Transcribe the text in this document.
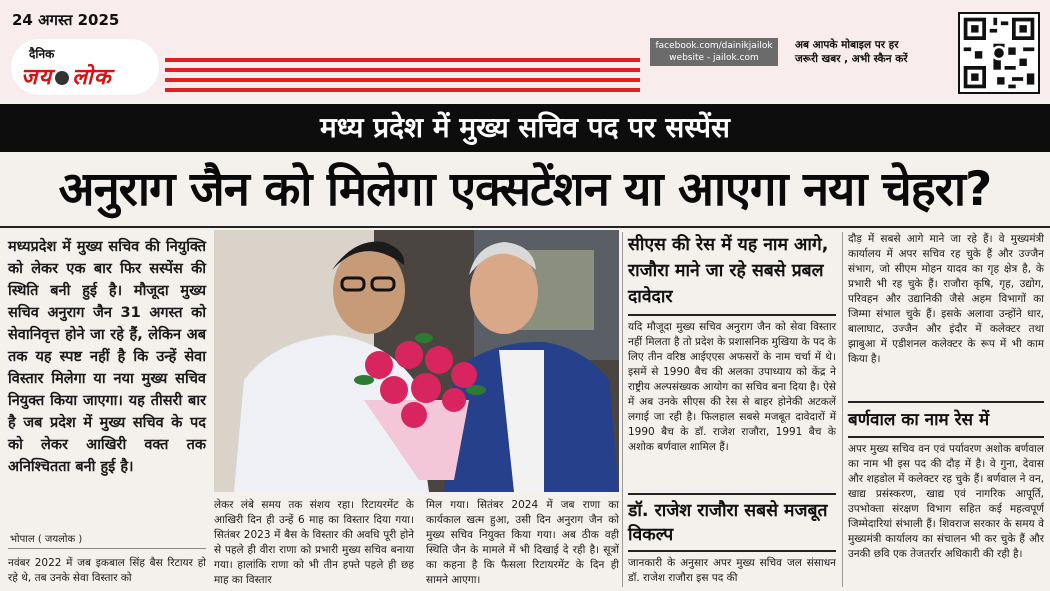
24 अगस्त 2025
दैनिक
जय लोक
facebook.com/dainikjailok
website - jailok.com
अब आपके मोबाइल पर हर
जरूरी खबर , अभी स्कैन करें
मध्य प्रदेश में मुख्य सचिव पद पर सस्पेंस
अनुराग जैन को मिलेगा एक्सटेंशन या आएगा नया चेहरा?
मध्यप्रदेश में मुख्य सचिव की नियुक्ति को लेकर एक बार फिर सस्पेंस की स्थिति बनी हुई है। मौजूदा मुख्य सचिव अनुराग जैन 31 अगस्त को सेवानिवृत्त होने जा रहे हैं, लेकिन अब तक यह स्पष्ट नहीं है कि उन्हें सेवा विस्तार मिलेगा या नया मुख्य सचिव नियुक्त किया जाएगा। यह तीसरी बार है जब प्रदेश में मुख्य सचिव के पद को लेकर आखिरी वक्त तक अनिश्चितता बनी हुई है।
भोपाल ( जयलोक )
नवंबर 2022 में जब इकबाल सिंह बैस रिटायर हो रहे थे, तब उनके सेवा विस्तार को
लेकर लंबे समय तक संशय रहा। रिटायरमेंट के आखिरी दिन ही उन्हें 6 माह का विस्तार दिया गया। सितंबर 2023 में बैस के विस्तार की अवधि पूरी होने से पहले ही वीरा राणा को प्रभारी मुख्य सचिव बनाया गया। हालांकि राणा को भी तीन हफ्ते पहले ही छह माह का विस्तार
मिल गया। सितंबर 2024 में जब राणा का कार्यकाल खत्म हुआ, उसी दिन अनुराग जैन को मुख्य सचिव नियुक्त किया गया। अब ठीक वही स्थिति जैन के मामले में भी दिखाई दे रही है। सूत्रों का कहना है कि फैसला रिटायरमेंट के दिन ही सामने आएगा।
सीएस की रेस में यह नाम आगे, राजौरा माने जा रहे सबसे प्रबल दावेदार
यदि मौजूदा मुख्य सचिव अनुराग जैन को सेवा विस्तार नहीं मिलता है तो प्रदेश के प्रशासनिक मुखिया के पद के लिए तीन वरिष्ठ आईएएस अफसरों के नाम चर्चा में थे। इसमें से 1990 बैच की अलका उपाध्याय को केंद्र ने राष्ट्रीय अल्पसंख्यक आयोग का सचिव बना दिया है। ऐसे में अब उनके सीएस की रेस से बाहर होनेकी अटकलें लगाई जा रही है। फिलहाल सबसे मजबूत दावेदारों में 1990 बैच के डॉ. राजेश राजौरा, 1991 बैच के अशोक बर्णवाल शामिल हैं।
डॉ. राजेश राजौरा सबसे मजबूत विकल्प
जानकारी के अनुसार अपर मुख्य सचिव जल संसाधन डॉ. राजेश राजौरा इस पद की
दौड़ में सबसे आगे माने जा रहे हैं। वे मुख्यमंत्री कार्यालय में अपर सचिव रह चुके हैं और उज्जैन संभाग, जो सीएम मोहन यादव का गृह क्षेत्र है, के प्रभारी भी रह चुके हैं। राजौरा कृषि, गृह, उद्योग, परिवहन और उद्यानिकी जैसे अहम विभागों का जिम्मा संभाल चुके हैं। इसके अलावा उन्होंने धार, बालाघाट, उज्जैन और इंदौर में कलेक्टर तथा झाबुआ में एडीशनल कलेक्टर के रूप में भी काम किया है।
बर्णवाल का नाम रेस में
अपर मुख्य सचिव वन एवं पर्यावरण अशोक बर्णवाल का नाम भी इस पद की दौड़ में है। वे गुना, देवास और शहडोल में कलेक्टर रह चुके हैं। बर्णवाल ने वन, खाद्य प्रसंस्करण, खाद्य एवं नागरिक आपूर्ति, उपभोक्ता संरक्षण विभाग सहित कई महत्वपूर्ण जिम्मेदारियां संभाली हैं। शिवराज सरकार के समय वे मुख्यमंत्री कार्यालय का संचालन भी कर चुके हैं और उनकी छवि एक तेजतर्रार अधिकारी की रही है।
